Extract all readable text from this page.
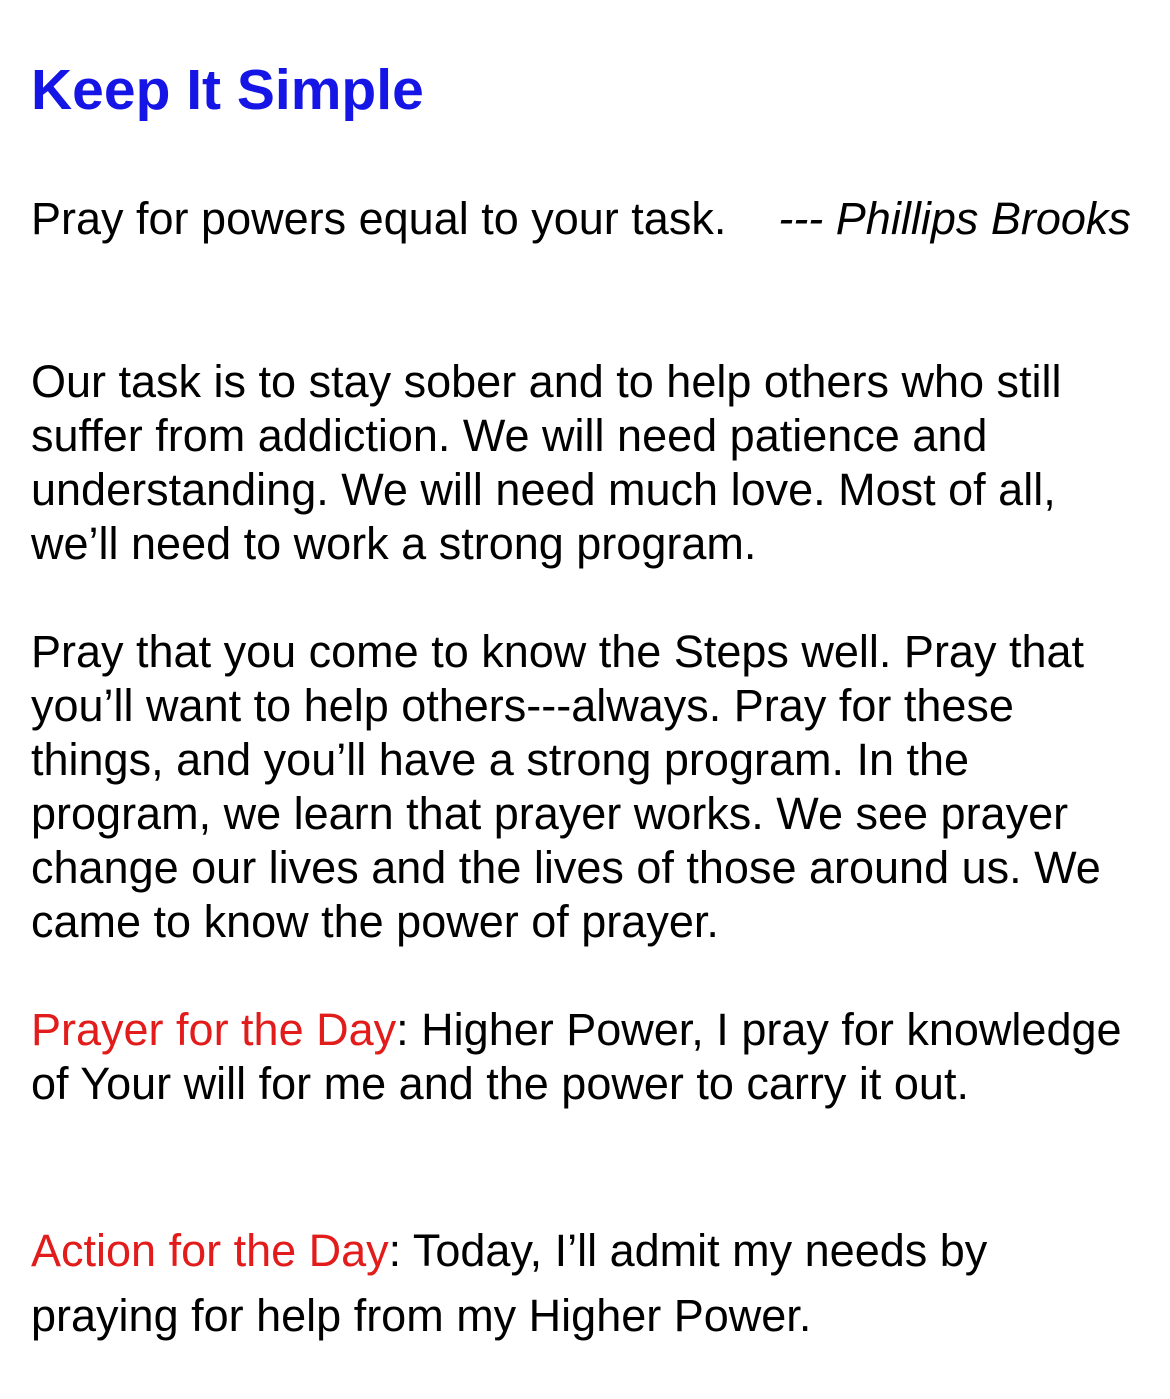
Keep It Simple

Pray for powers equal to your task. --- Phillips Brooks

Our task is to stay sober and to help others who still suffer from addiction. We will need patience and understanding. We will need much love. Most of all, we’ll need to work a strong program.

Pray that you come to know the Steps well. Pray that you’ll want to help others---always. Pray for these things, and you’ll have a strong program. In the program, we learn that prayer works. We see prayer change our lives and the lives of those around us. We came to know the power of prayer.

Prayer for the Day: Higher Power, I pray for knowledge of Your will for me and the power to carry it out.

Action for the Day: Today, I’ll admit my needs by praying for help from my Higher Power.
